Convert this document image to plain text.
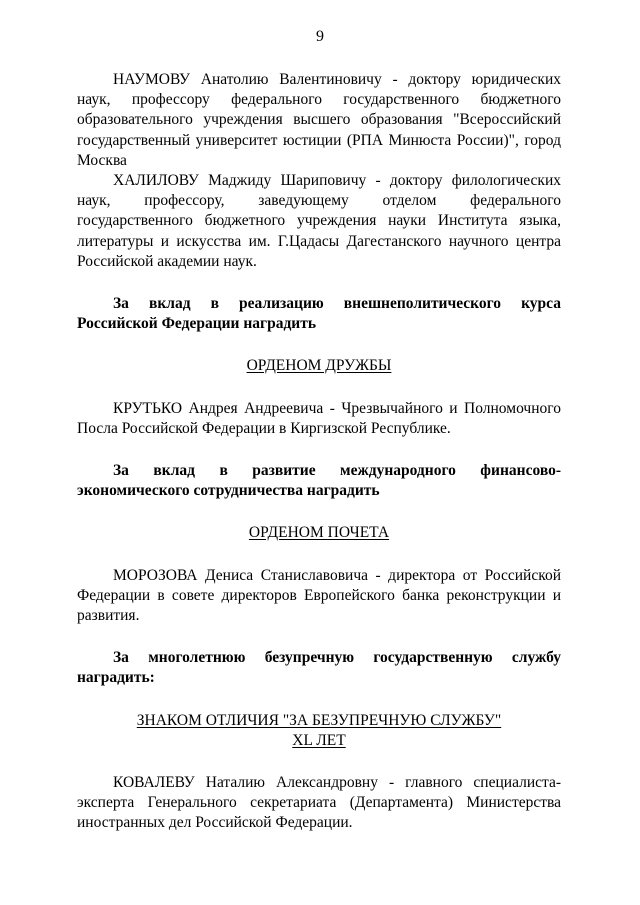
9

НАУМОВУ Анатолию Валентиновичу - доктору юридических наук, профессору федерального государственного бюджетного образовательного учреждения высшего образования "Всероссийский государственный университет юстиции (РПА Минюста России)", город Москва

ХАЛИЛОВУ Маджиду Шариповичу - доктору филологических наук, профессору, заведующему отделом федерального государственного бюджетного учреждения науки Института языка, литературы и искусства им. Г.Цадасы Дагестанского научного центра Российской академии наук.

За вклад в реализацию внешнеполитического курса Российской Федерации наградить

ОРДЕНОМ ДРУЖБЫ

КРУТЬКО Андрея Андреевича - Чрезвычайного и Полномочного Посла Российской Федерации в Киргизской Республике.

За вклад в развитие международного финансово-экономического сотрудничества наградить

ОРДЕНОМ ПОЧЕТА

МОРОЗОВА Дениса Станиславовича - директора от Российской Федерации в совете директоров Европейского банка реконструкции и развития.

За многолетнюю безупречную государственную службу наградить:

ЗНАКОМ ОТЛИЧИЯ "ЗА БЕЗУПРЕЧНУЮ СЛУЖБУ"

XL ЛЕТ

КОВАЛЕВУ Наталию Александровну - главного специалиста-эксперта Генерального секретариата (Департамента) Министерства иностранных дел Российской Федерации.
